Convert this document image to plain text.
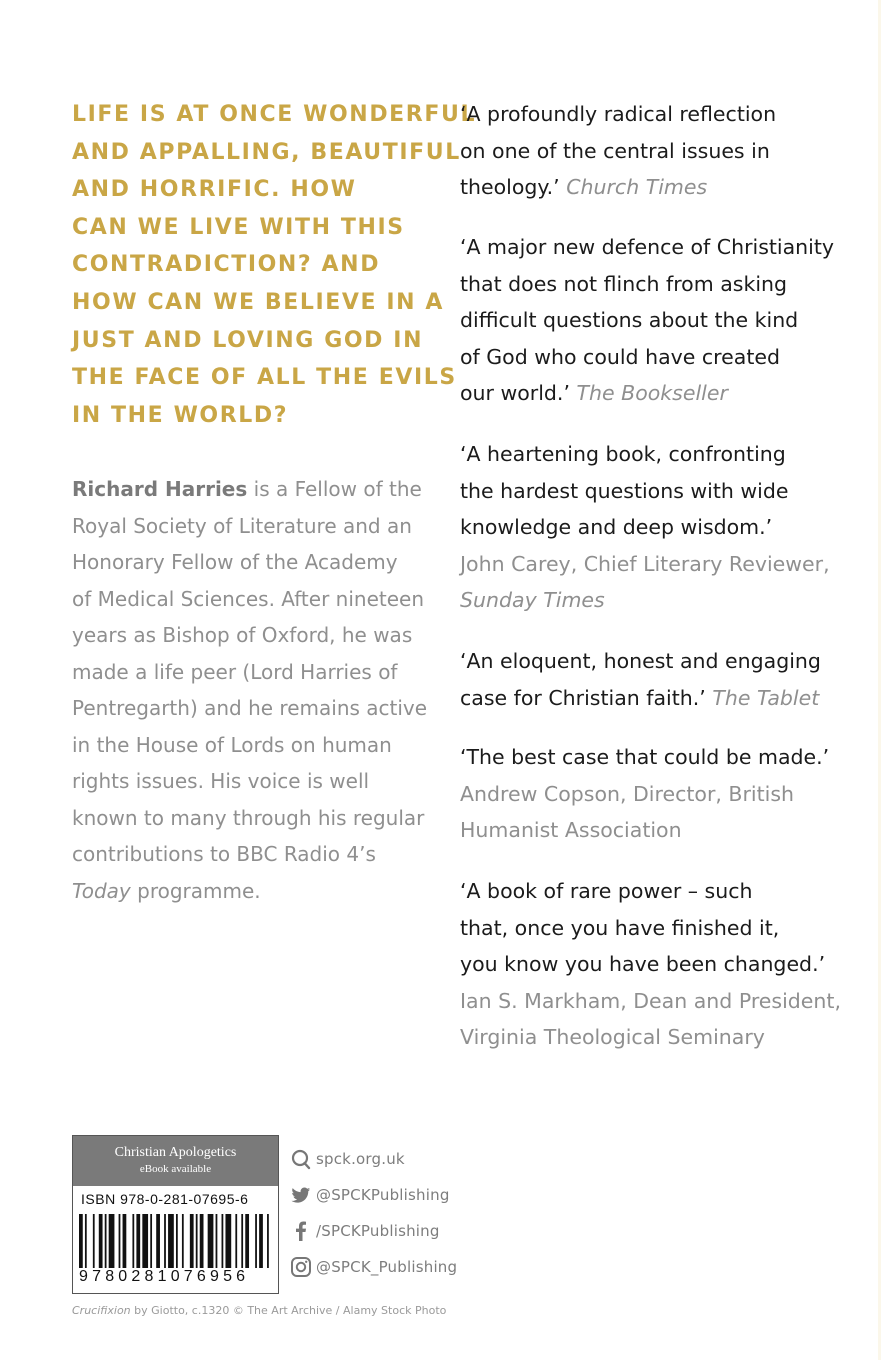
LIFE IS AT ONCE WONDERFUL
AND APPALLING, BEAUTIFUL
AND HORRIFIC. HOW
CAN WE LIVE WITH THIS
CONTRADICTION? AND
HOW CAN WE BELIEVE IN A
JUST AND LOVING GOD IN
THE FACE OF ALL THE EVILS
IN THE WORLD?

Richard Harries is a Fellow of the
Royal Society of Literature and an
Honorary Fellow of the Academy
of Medical Sciences. After nineteen
years as Bishop of Oxford, he was
made a life peer (Lord Harries of
Pentregarth) and he remains active
in the House of Lords on human
rights issues. His voice is well
known to many through his regular
contributions to BBC Radio 4’s
Today programme.

‘A profoundly radical reflection
on one of the central issues in
theology.’ Church Times
‘A major new defence of Christianity
that does not flinch from asking
difficult questions about the kind
of God who could have created
our world.’ The Bookseller
‘A heartening book, confronting
the hardest questions with wide
knowledge and deep wisdom.’
John Carey, Chief Literary Reviewer,
Sunday Times
‘An eloquent, honest and engaging
case for Christian faith.’ The Tablet
‘The best case that could be made.’
Andrew Copson, Director, British
Humanist Association
‘A book of rare power – such
that, once you have finished it,
you know you have been changed.’
Ian S. Markham, Dean and President,
Virginia Theological Seminary
Christian Apologetics
eBook available
ISBN 978-0-281-07695-6
9780281076956
spck.org.uk
@SPCKPublishing
/SPCKPublishing
@SPCK_Publishing
Crucifixion by Giotto, c.1320 © The Art Archive / Alamy Stock Photo
